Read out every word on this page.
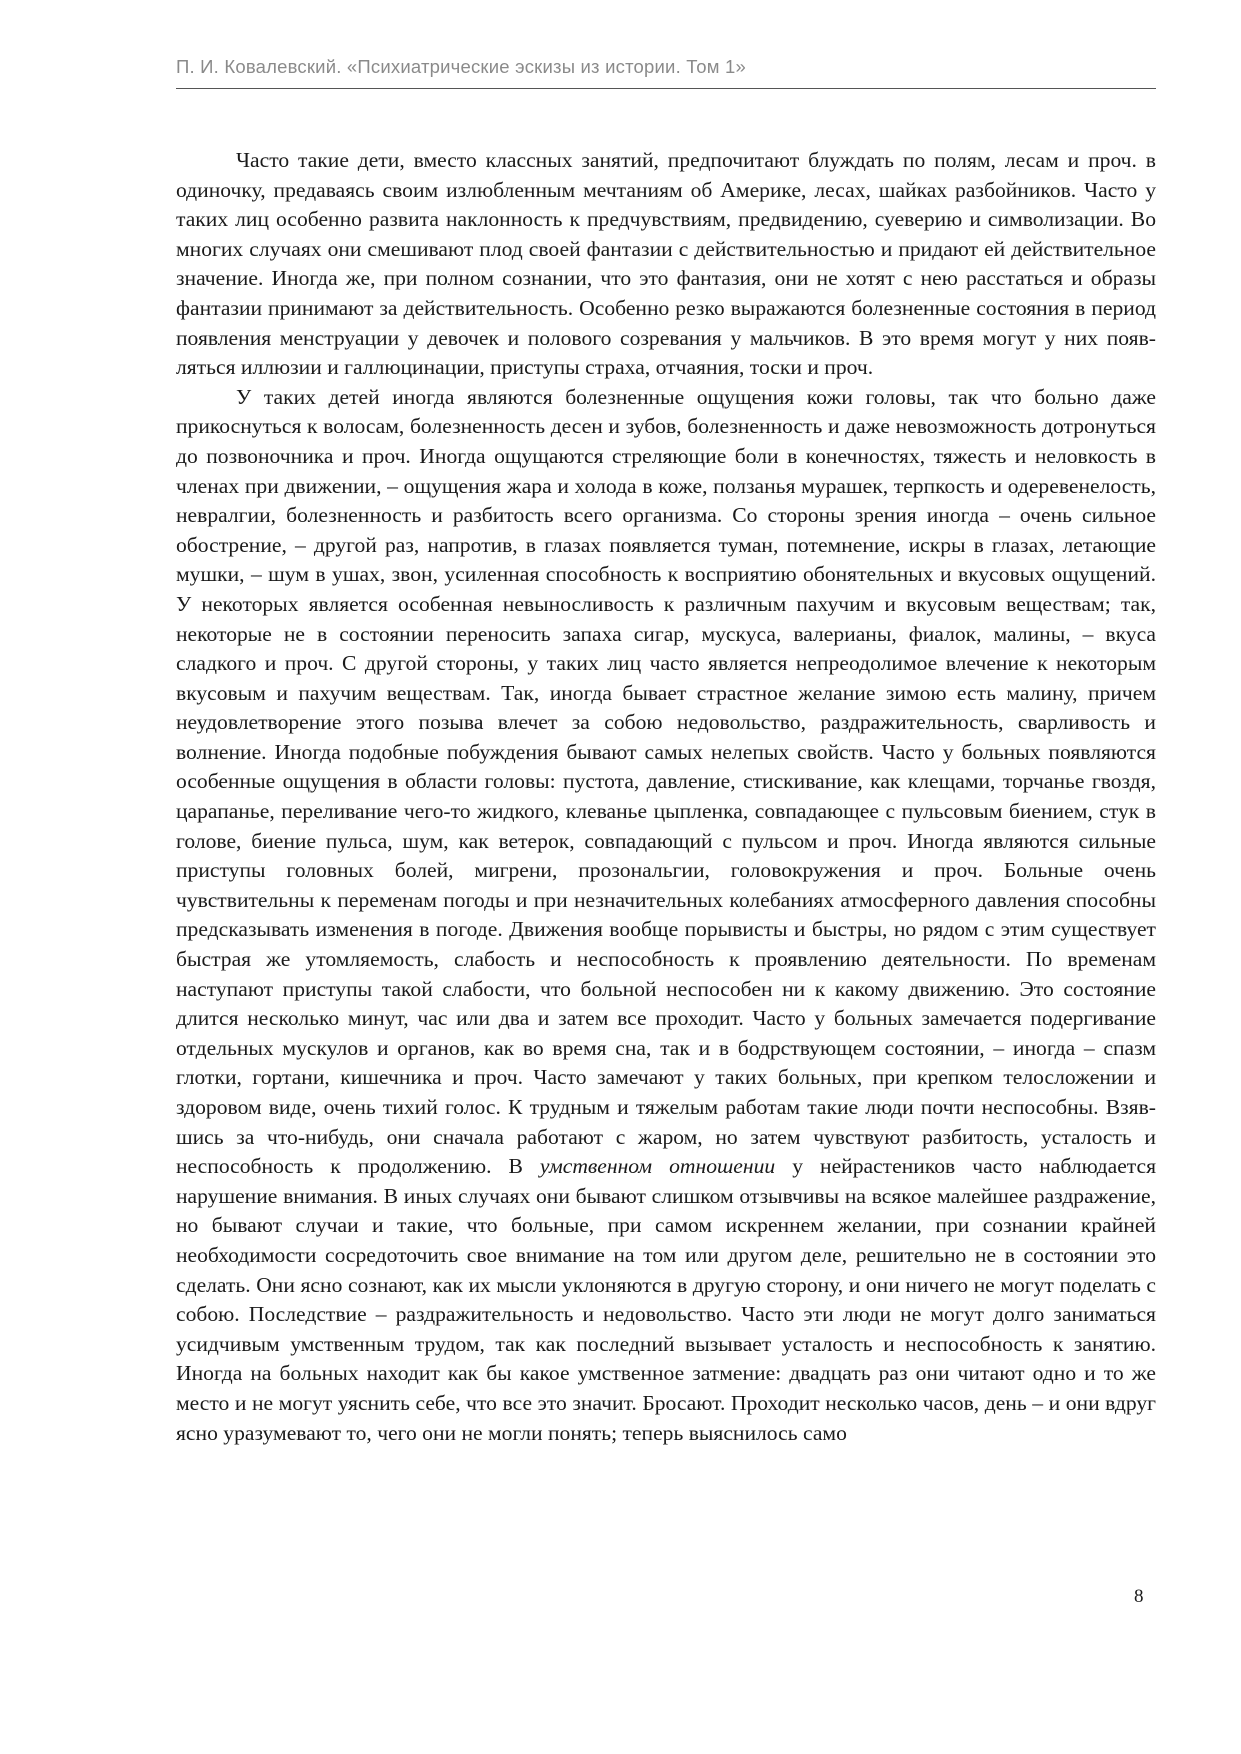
П. И. Ковалевский. «Психиатрические эскизы из истории. Том 1»

Часто такие дети, вместо классных занятий, предпочитают блуждать по полям, лесам и проч. в одиночку, предаваясь своим излюбленным мечтаниям об Америке, лесах, шайках разбойников. Часто у таких лиц особенно развита наклонность к предчувствиям, предвидению, суеверию и символизации. Во многих случаях они смешивают плод своей фантазии с действительностью и придают ей действительное значение. Иногда же, при полном сознании, что это фантазия, они не хотят с нею расстаться и образы фантазии принимают за действительность. Особенно резко выражаются болезненные состояния в период появления менструации у девочек и полового созревания у мальчиков. В это время могут у них появляться иллюзии и галлюцинации, приступы страха, отчаяния, тоски и проч.

У таких детей иногда являются болезненные ощущения кожи головы, так что больно даже прикоснуться к волосам, болезненность десен и зубов, болезненность и даже невозможность дотронуться до позвоночника и проч. Иногда ощущаются стреляющие боли в конечностях, тяжесть и неловкость в членах при движении, – ощущения жара и холода в коже, ползанья мурашек, терпкость и одеревенелость, невралгии, болезненность и разбитость всего организма. Со стороны зрения иногда – очень сильное обострение, – другой раз, напротив, в глазах появляется туман, потемнение, искры в глазах, летающие мушки, – шум в ушах, звон, усиленная способность к восприятию обонятельных и вкусовых ощущений. У некоторых является особенная невыносливость к различным пахучим и вкусовым веществам; так, некоторые не в состоянии переносить запаха сигар, мускуса, валерианы, фиалок, малины, – вкуса сладкого и проч. С другой стороны, у таких лиц часто является непреодолимое влечение к некоторым вкусовым и пахучим веществам. Так, иногда бывает страстное желание зимою есть малину, причем неудовлетворение этого позыва влечет за собою недовольство, раздражительность, сварливость и волнение. Иногда подобные побуждения бывают самых нелепых свойств. Часто у больных появляются особенные ощущения в области головы: пустота, давление, стискивание, как клещами, торчанье гвоздя, царапанье, переливание чего-то жидкого, клеванье цыпленка, совпадающее с пульсовым биением, стук в голове, биение пульса, шум, как ветерок, совпадающий с пульсом и проч. Иногда являются сильные приступы головных болей, мигрени, прозональгии, головокружения и проч. Больные очень чувствительны к переменам погоды и при незначительных колебаниях атмосферного давления способны предсказывать изменения в погоде. Движения вообще порывисты и быстры, но рядом с этим существует быстрая же утомляемость, слабость и неспособность к проявлению деятельности. По временам наступают приступы такой слабости, что больной неспособен ни к какому движению. Это состояние длится несколько минут, час или два и затем все проходит. Часто у больных замечается подергивание отдельных мускулов и органов, как во время сна, так и в бодрствующем состоянии, – иногда – спазм глотки, гортани, кишечника и проч. Часто замечают у таких больных, при крепком телосложении и здоровом виде, очень тихий голос. К трудным и тяжелым работам такие люди почти неспособны. Взявшись за что-нибудь, они сначала работают с жаром, но затем чувствуют разбитость, усталость и неспособность к продолжению. В умственном отношении у нейрастеников часто наблюдается нарушение внимания. В иных случаях они бывают слишком отзывчивы на всякое малейшее раздражение, но бывают случаи и такие, что больные, при самом искреннем желании, при сознании крайней необходимости сосредоточить свое внимание на том или другом деле, решительно не в состоянии это сделать. Они ясно сознают, как их мысли уклоняются в другую сторону, и они ничего не могут поделать с собою. Последствие – раздражительность и недовольство. Часто эти люди не могут долго заниматься усидчивым умственным трудом, так как последний вызывает усталость и неспособность к занятию. Иногда на больных находит как бы какое умственное затмение: двадцать раз они читают одно и то же место и не могут уяснить себе, что все это значит. Бросают. Проходит несколько часов, день – и они вдруг ясно уразумевают то, чего они не могли понять; теперь выяснилось само

8
